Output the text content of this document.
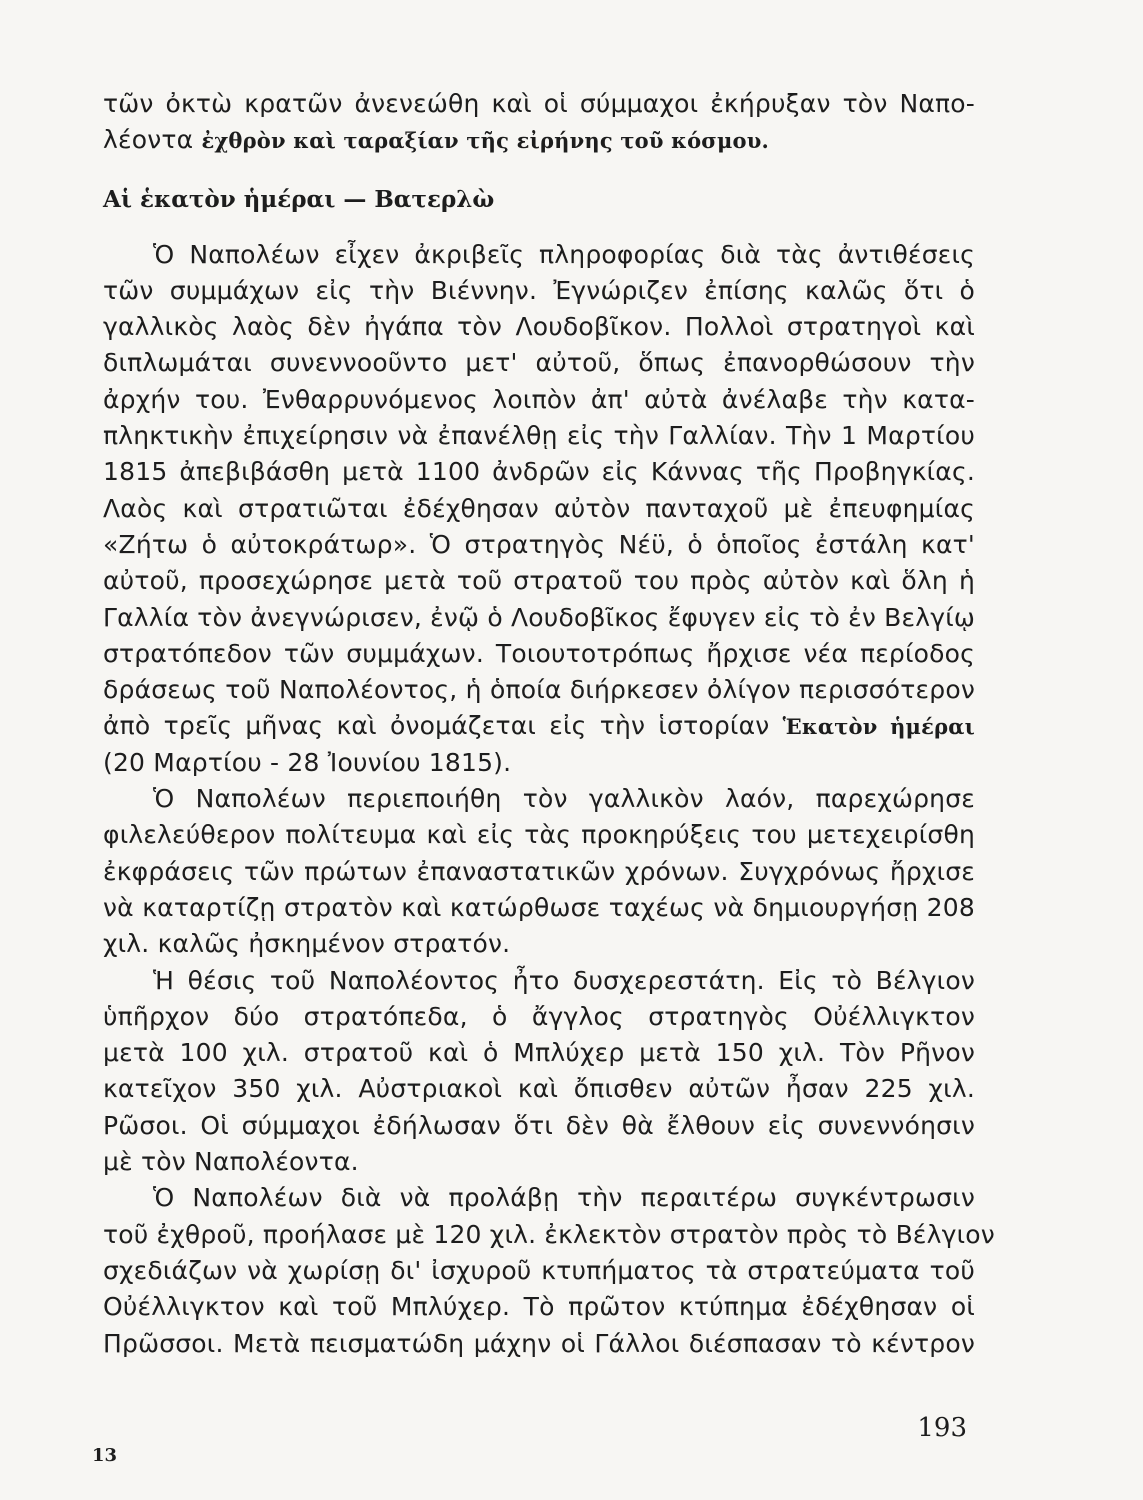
τῶν ὀκτὼ κρατῶν ἀνενεώθη καὶ οἱ σύμμαχοι ἐκήρυξαν τὸν Ναπο-
λέοντα ἐχθρὸν καὶ ταραξίαν τῆς εἰρήνης τοῦ κόσμου.
Αἱ ἑκατὸν ἡμέραι — Βατερλὼ
Ὁ Ναπολέων εἶχεν ἀκριβεῖς πληροφορίας διὰ τὰς ἀντιθέσεις
τῶν συμμάχων εἰς τὴν Βιέννην. Ἐγνώριζεν ἐπίσης καλῶς ὅτι ὁ
γαλλικὸς λαὸς δὲν ἠγάπα τὸν Λουδοβῖκον. Πολλοὶ στρατηγοὶ καὶ
διπλωμάται συνεννοοῦντο μετ' αὐτοῦ, ὅπως ἐπανορθώσουν τὴν
ἀρχήν του. Ἐνθαρρυνόμενος λοιπὸν ἀπ' αὐτὰ ἀνέλαβε τὴν κατα-
πληκτικὴν ἐπιχείρησιν νὰ ἐπανέλθῃ εἰς τὴν Γαλλίαν. Τὴν 1 Μαρτίου
1815 ἀπεβιβάσθη μετὰ 1100 ἀνδρῶν εἰς Κάννας τῆς Προβηγκίας.
Λαὸς καὶ στρατιῶται ἐδέχθησαν αὐτὸν πανταχοῦ μὲ ἐπευφημίας
«Ζήτω ὁ αὐτοκράτωρ». Ὁ στρατηγὸς Νέϋ, ὁ ὁποῖος ἐστάλη κατ'
αὐτοῦ, προσεχώρησε μετὰ τοῦ στρατοῦ του πρὸς αὐτὸν καὶ ὅλη ἡ
Γαλλία τὸν ἀνεγνώρισεν, ἐνῷ ὁ Λουδοβῖκος ἔφυγεν εἰς τὸ ἐν Βελγίῳ
στρατόπεδον τῶν συμμάχων. Τοιουτοτρόπως ἤρχισε νέα περίοδος
δράσεως τοῦ Ναπολέοντος, ἡ ὁποία διήρκεσεν ὀλίγον περισσότερον
ἀπὸ τρεῖς μῆνας καὶ ὀνομάζεται εἰς τὴν ἱστορίαν Ἑκατὸν ἡμέραι
(20 Μαρτίου - 28 Ἰουνίου 1815).
Ὁ Ναπολέων περιεποιήθη τὸν γαλλικὸν λαόν, παρεχώρησε
φιλελεύθερον πολίτευμα καὶ εἰς τὰς προκηρύξεις του μετεχειρίσθη
ἐκφράσεις τῶν πρώτων ἐπαναστατικῶν χρόνων. Συγχρόνως ἤρχισε
νὰ καταρτίζῃ στρατὸν καὶ κατώρθωσε ταχέως νὰ δημιουργήσῃ 208
χιλ. καλῶς ἠσκημένον στρατόν.
Ἡ θέσις τοῦ Ναπολέοντος ἦτο δυσχερεστάτη. Εἰς τὸ Βέλγιον
ὑπῆρχον δύο στρατόπεδα, ὁ ἄγγλος στρατηγὸς Οὐέλλιγκτον
μετὰ 100 χιλ. στρατοῦ καὶ ὁ Μπλύχερ μετὰ 150 χιλ. Τὸν Ρῆνον
κατεῖχον 350 χιλ. Αὐστριακοὶ καὶ ὄπισθεν αὐτῶν ἦσαν 225 χιλ.
Ρῶσοι. Οἱ σύμμαχοι ἐδήλωσαν ὅτι δὲν θὰ ἔλθουν εἰς συνεννόησιν
μὲ τὸν Ναπολέοντα.
Ὁ Ναπολέων διὰ νὰ προλάβῃ τὴν περαιτέρω συγκέντρωσιν
τοῦ ἐχθροῦ, προήλασε μὲ 120 χιλ. ἐκλεκτὸν στρατὸν πρὸς τὸ Βέλγιον
σχεδιάζων νὰ χωρίσῃ δι' ἰσχυροῦ κτυπήματος τὰ στρατεύματα τοῦ
Οὐέλλιγκτον καὶ τοῦ Μπλύχερ. Τὸ πρῶτον κτύπημα ἐδέχθησαν οἱ
Πρῶσσοι. Μετὰ πεισματώδη μάχην οἱ Γάλλοι διέσπασαν τὸ κέντρον
13
193
